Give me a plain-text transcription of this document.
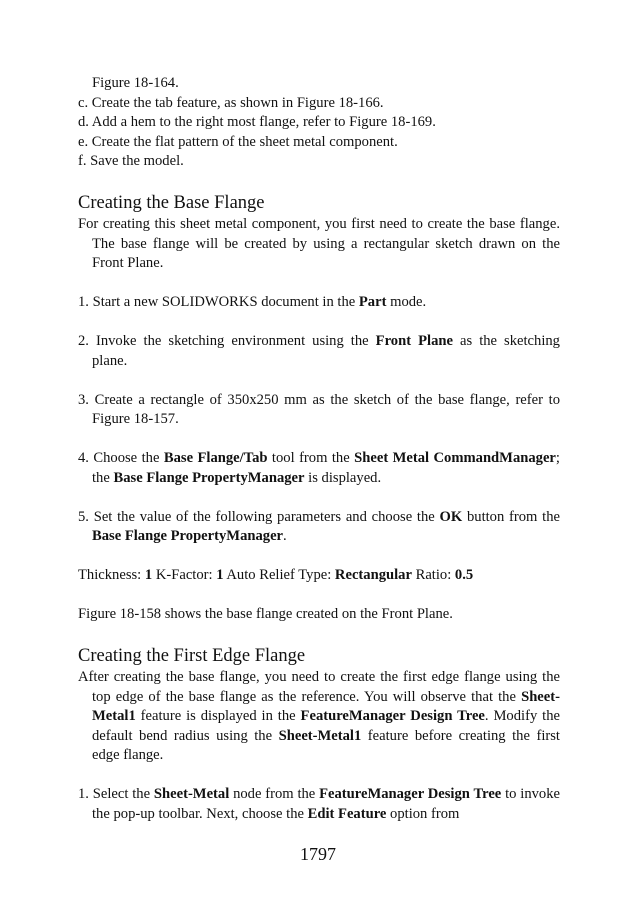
Figure 18-164.

c. Create the tab feature, as shown in Figure 18-166.

d. Add a hem to the right most flange, refer to Figure 18-169.

e. Create the flat pattern of the sheet metal component.

f. Save the model.

Creating the Base Flange

For creating this sheet metal component, you first need to create the base flange. The base flange will be created by using a rectangular sketch drawn on the Front Plane.

1. Start a new SOLIDWORKS document in the Part mode.

2. Invoke the sketching environment using the Front Plane as the sketching plane.

3. Create a rectangle of 350x250 mm as the sketch of the base flange, refer to Figure 18-157.

4. Choose the Base Flange/Tab tool from the Sheet Metal CommandManager; the Base Flange PropertyManager is displayed.

5. Set the value of the following parameters and choose the OK button from the Base Flange PropertyManager.

Thickness: 1 K-Factor: 1 Auto Relief Type: Rectangular Ratio: 0.5

Figure 18-158 shows the base flange created on the Front Plane.

Creating the First Edge Flange

After creating the base flange, you need to create the first edge flange using the top edge of the base flange as the reference. You will observe that the Sheet-Metal1 feature is displayed in the FeatureManager Design Tree. Modify the default bend radius using the Sheet-Metal1 feature before creating the first edge flange.

1. Select the Sheet-Metal node from the FeatureManager Design Tree to invoke the pop-up toolbar. Next, choose the Edit Feature option from

1797
